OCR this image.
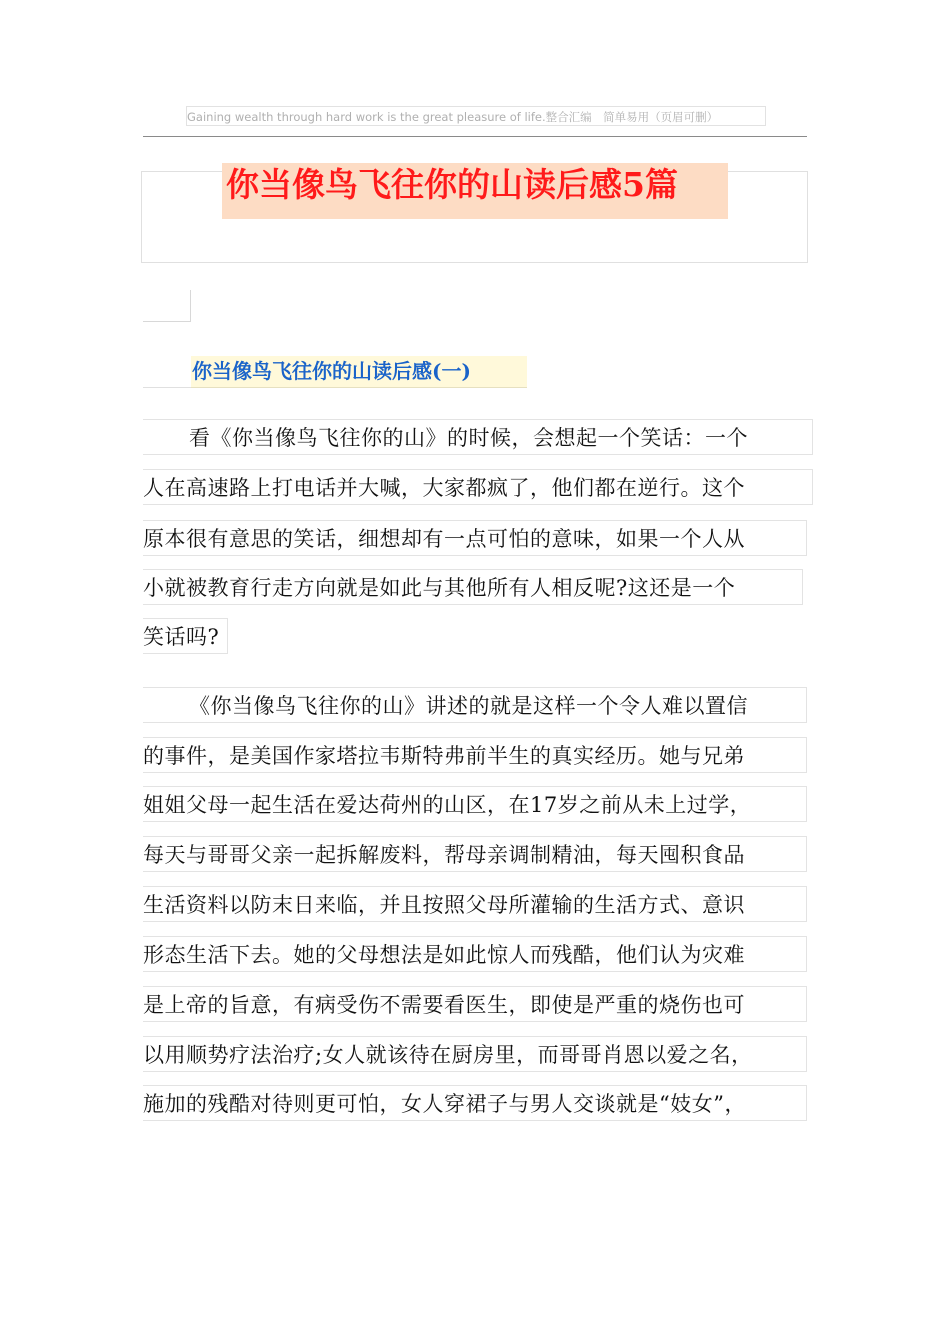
Gaining wealth through hard work is the great pleasure of life.整合汇编　简单易用（页眉可删）
你当像鸟飞往你的山读后感5篇
你当像鸟飞往你的山读后感(一)
看《你当像鸟飞往你的山》的时候，会想起一个笑话：一个
人在高速路上打电话并大喊，大家都疯了，他们都在逆行。这个
原本很有意思的笑话，细想却有一点可怕的意味，如果一个人从
小就被教育行走方向就是如此与其他所有人相反呢?这还是一个
笑话吗?
《你当像鸟飞往你的山》讲述的就是这样一个令人难以置信
的事件，是美国作家塔拉韦斯特弗前半生的真实经历。她与兄弟
姐姐父母一起生活在爱达荷州的山区，在17岁之前从未上过学，
每天与哥哥父亲一起拆解废料，帮母亲调制精油，每天囤积食品
生活资料以防末日来临，并且按照父母所灌输的生活方式、意识
形态生活下去。她的父母想法是如此惊人而残酷，他们认为灾难
是上帝的旨意，有病受伤不需要看医生，即使是严重的烧伤也可
以用顺势疗法治疗;女人就该待在厨房里，而哥哥肖恩以爱之名，
施加的残酷对待则更可怕，女人穿裙子与男人交谈就是“妓女”，
